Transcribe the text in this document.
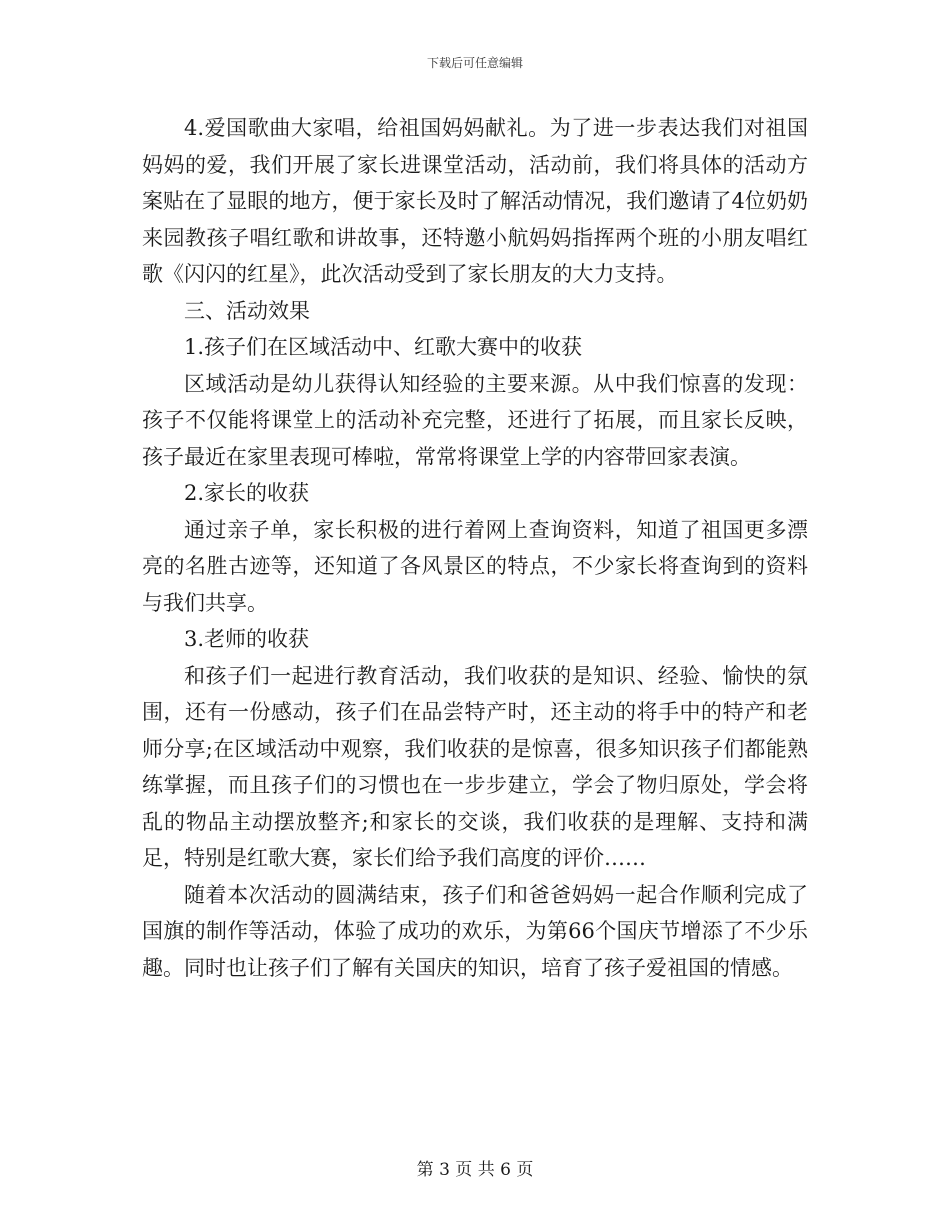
下载后可任意编辑

4.爱国歌曲大家唱，给祖国妈妈献礼。为了进一步表达我们对祖国妈妈的爱，我们开展了家长进课堂活动，活动前，我们将具体的活动方案贴在了显眼的地方，便于家长及时了解活动情况，我们邀请了4位奶奶来园教孩子唱红歌和讲故事，还特邀小航妈妈指挥两个班的小朋友唱红歌《闪闪的红星》，此次活动受到了家长朋友的大力支持。

三、活动效果

1.孩子们在区域活动中、红歌大赛中的收获

区域活动是幼儿获得认知经验的主要来源。从中我们惊喜的发现：孩子不仅能将课堂上的活动补充完整，还进行了拓展，而且家长反映，孩子最近在家里表现可棒啦，常常将课堂上学的内容带回家表演。

2.家长的收获

通过亲子单，家长积极的进行着网上查询资料，知道了祖国更多漂亮的名胜古迹等，还知道了各风景区的特点，不少家长将查询到的资料与我们共享。

3.老师的收获

和孩子们一起进行教育活动，我们收获的是知识、经验、愉快的氛围，还有一份感动，孩子们在品尝特产时，还主动的将手中的特产和老师分享;在区域活动中观察，我们收获的是惊喜，很多知识孩子们都能熟练掌握，而且孩子们的习惯也在一步步建立，学会了物归原处，学会将乱的物品主动摆放整齐;和家长的交谈，我们收获的是理解、支持和满足，特别是红歌大赛，家长们给予我们高度的评价……

随着本次活动的圆满结束，孩子们和爸爸妈妈一起合作顺利完成了国旗的制作等活动，体验了成功的欢乐，为第66个国庆节增添了不少乐趣。同时也让孩子们了解有关国庆的知识，培育了孩子爱祖国的情感。

第 3 页 共 6 页
